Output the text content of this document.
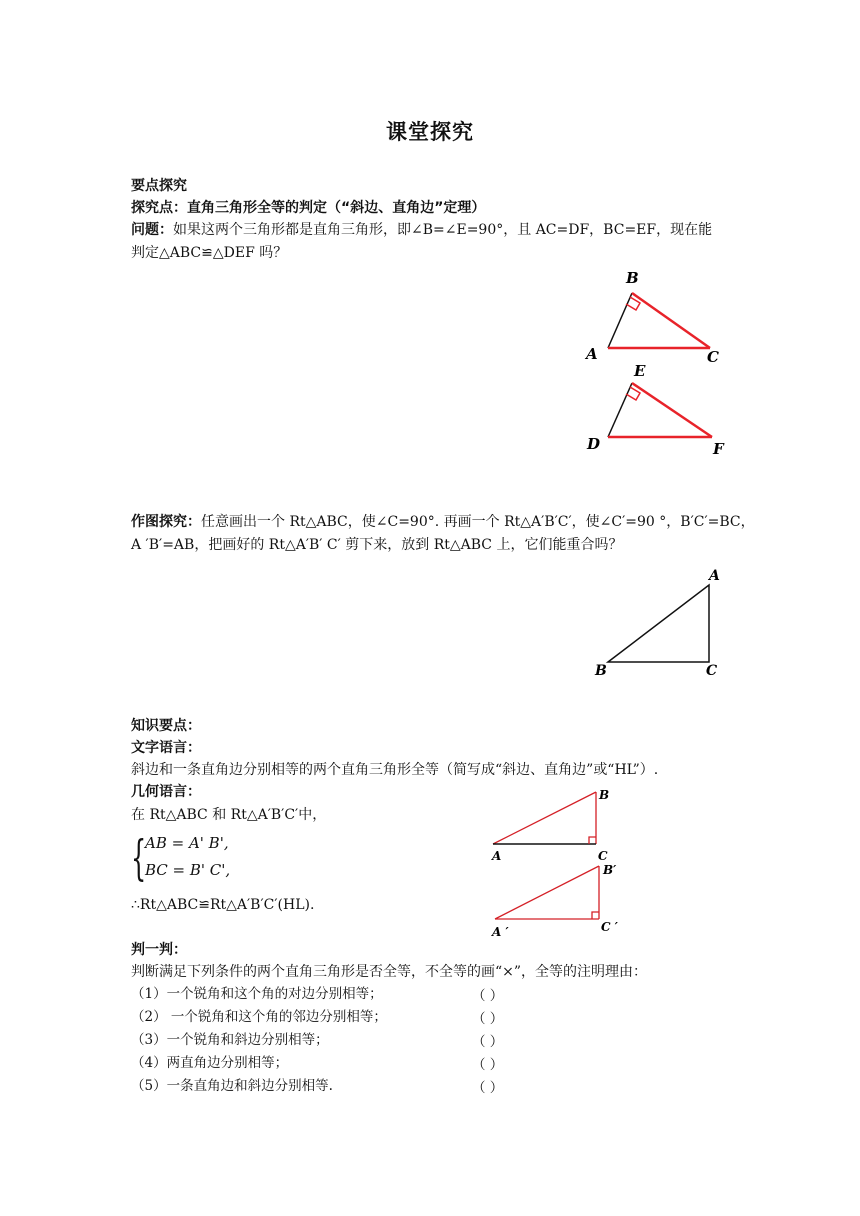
课堂探究
要点探究
探究点：直角三角形全等的判定（“斜边、直角边”定理）
问题：如果这两个三角形都是直角三角形，即∠B=∠E=90°，且 AC=DF，BC=EF，现在能
判定△ABC≌△DEF 吗？
B
A	C
E
D	F
作图探究：任意画出一个 Rt△ABC，使∠C=90°. 再画一个 Rt△A′B′C′，使∠C′=90 °，B′C′=BC，
A ′B′=AB，把画好的 Rt△A′B′ C′ 剪下来，放到 Rt△ABC 上，它们能重合吗？
A
B	C
知识要点：
文字语言：
斜边和一条直角边分别相等的两个直角三角形全等（简写成“斜边、直角边”或“HL”）.
几何语言：
在 Rt△ABC 和 Rt△A′B′C′中，
{
AB = A' B',
BC = B' C',
∴Rt△ABC≌Rt△A′B′C′(HL).
B
A	C
B′
A ′	C ′
判一判：
判断满足下列条件的两个直角三角形是否全等，不全等的画“×”，全等的注明理由：
（1）一个锐角和这个角的对边分别相等；	（ ）
（2） 一个锐角和这个角的邻边分别相等；	（ ）
（3）一个锐角和斜边分别相等；	（ ）
（4）两直角边分别相等；	（ ）
（5）一条直角边和斜边分别相等.	（ ）
